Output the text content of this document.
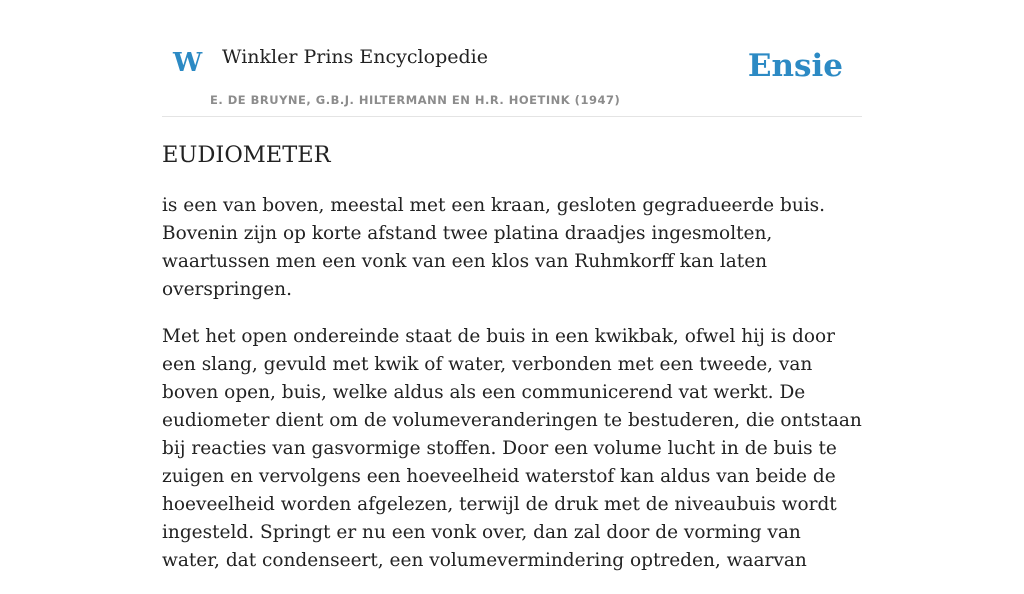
W Winkler Prins Encyclopedie
E. DE BRUYNE, G.B.J. HILTERMANN EN H.R. HOETINK (1947)
Ensie
EUDIOMETER

is een van boven, meestal met een kraan, gesloten gegradueerde buis. Bovenin zijn op korte afstand twee platina draadjes ingesmolten, waartussen men een vonk van een klos van Ruhmkorff kan laten overspringen.

Met het open ondereinde staat de buis in een kwikbak, ofwel hij is door een slang, gevuld met kwik of water, verbonden met een tweede, van boven open, buis, welke aldus als een communicerend vat werkt. De eudiometer dient om de volumeveranderingen te bestuderen, die ontstaan bij reacties van gasvormige stoffen. Door een volume lucht in de buis te zuigen en vervolgens een hoeveelheid waterstof kan aldus van beide de hoeveelheid worden afgelezen, terwijl de druk met de niveaubuis wordt ingesteld. Springt er nu een vonk over, dan zal door de vorming van water, dat condenseert, een volumevermindering optreden, waarvan
